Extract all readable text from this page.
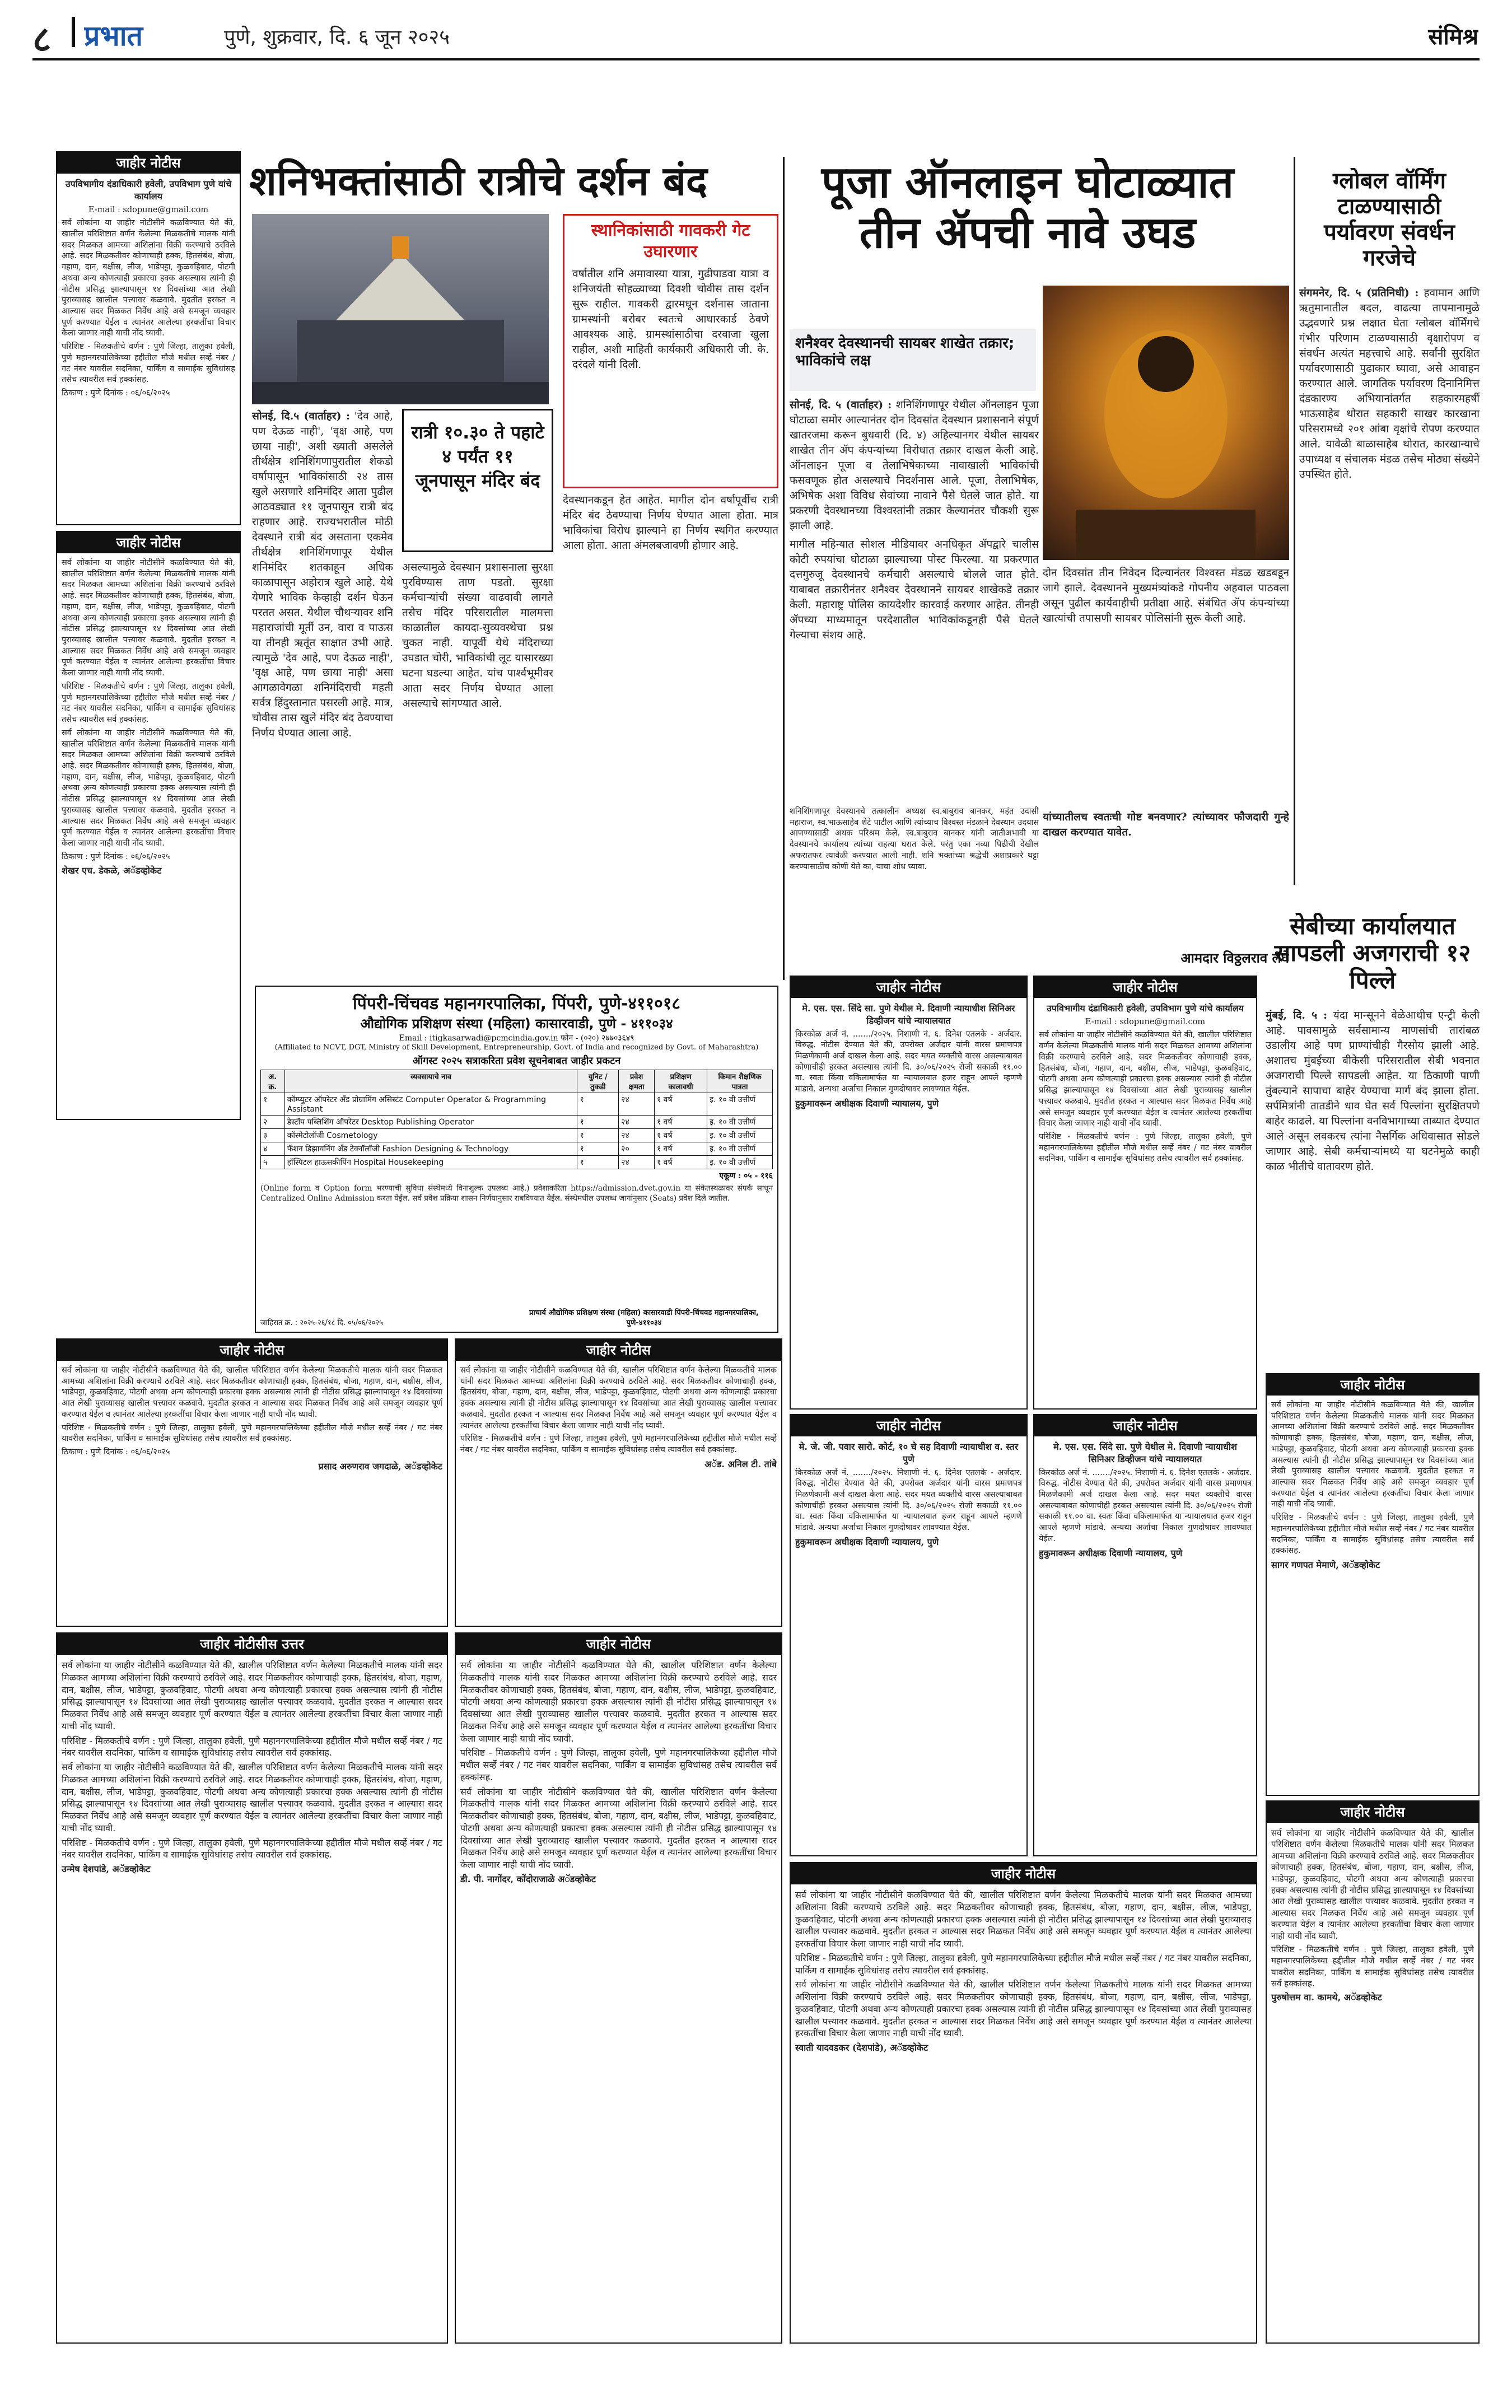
८	प्रभात	पुणे, शुक्रवार, दि. ६ जून २०२५	संमिश्र
जाहीर नोटीस

उपविभागीय दंडाधिकारी हवेली, उपविभाग पुणे यांचे कार्यालय

E-mail : sdopune@gmail.com

सर्व लोकांना या जाहीर नोटीसीने कळविण्यात येते की, खालील परिशिष्टात वर्णन केलेल्या मिळकतीचे मालक यांनी सदर मिळकत आमच्या अशिलांना विक्री करण्याचे ठरविले आहे. सदर मिळकतीवर कोणाचाही हक्क, हितसंबंध, बोजा, गहाण, दान, बक्षीस, लीज, भाडेपट्टा, कुळवहिवाट, पोटगी अथवा अन्य कोणत्याही प्रकारचा हक्क असल्यास त्यांनी ही नोटीस प्रसिद्ध झाल्यापासून १४ दिवसांच्या आत लेखी पुराव्यासह खालील पत्त्यावर कळवावे. मुदतीत हरकत न आल्यास सदर मिळकत निर्वेध आहे असे समजून व्यवहार पूर्ण करण्यात येईल व त्यानंतर आलेल्या हरकतींचा विचार केला जाणार नाही याची नोंद घ्यावी.

परिशिष्ट - मिळकतीचे वर्णन : पुणे जिल्हा, तालुका हवेली, पुणे महानगरपालिकेच्या हद्दीतील मौजे मधील सर्व्हे नंबर / गट नंबर यावरील सदनिका, पार्किंग व सामाईक सुविधांसह तसेच त्यावरील सर्व हक्कांसह.

ठिकाण : पुणे दिनांक : ०६/०६/२०२५

जाहीर नोटीस

सर्व लोकांना या जाहीर नोटीसीने कळविण्यात येते की, खालील परिशिष्टात वर्णन केलेल्या मिळकतीचे मालक यांनी सदर मिळकत आमच्या अशिलांना विक्री करण्याचे ठरविले आहे. सदर मिळकतीवर कोणाचाही हक्क, हितसंबंध, बोजा, गहाण, दान, बक्षीस, लीज, भाडेपट्टा, कुळवहिवाट, पोटगी अथवा अन्य कोणत्याही प्रकारचा हक्क असल्यास त्यांनी ही नोटीस प्रसिद्ध झाल्यापासून १४ दिवसांच्या आत लेखी पुराव्यासह खालील पत्त्यावर कळवावे. मुदतीत हरकत न आल्यास सदर मिळकत निर्वेध आहे असे समजून व्यवहार पूर्ण करण्यात येईल व त्यानंतर आलेल्या हरकतींचा विचार केला जाणार नाही याची नोंद घ्यावी.

परिशिष्ट - मिळकतीचे वर्णन : पुणे जिल्हा, तालुका हवेली, पुणे महानगरपालिकेच्या हद्दीतील मौजे मधील सर्व्हे नंबर / गट नंबर यावरील सदनिका, पार्किंग व सामाईक सुविधांसह तसेच त्यावरील सर्व हक्कांसह.

सर्व लोकांना या जाहीर नोटीसीने कळविण्यात येते की, खालील परिशिष्टात वर्णन केलेल्या मिळकतीचे मालक यांनी सदर मिळकत आमच्या अशिलांना विक्री करण्याचे ठरविले आहे. सदर मिळकतीवर कोणाचाही हक्क, हितसंबंध, बोजा, गहाण, दान, बक्षीस, लीज, भाडेपट्टा, कुळवहिवाट, पोटगी अथवा अन्य कोणत्याही प्रकारचा हक्क असल्यास त्यांनी ही नोटीस प्रसिद्ध झाल्यापासून १४ दिवसांच्या आत लेखी पुराव्यासह खालील पत्त्यावर कळवावे. मुदतीत हरकत न आल्यास सदर मिळकत निर्वेध आहे असे समजून व्यवहार पूर्ण करण्यात येईल व त्यानंतर आलेल्या हरकतींचा विचार केला जाणार नाही याची नोंद घ्यावी.

ठिकाण : पुणे दिनांक : ०६/०६/२०२५

शेखर एच. डेकळे, अॅडव्होकेट

शनिभक्तांसाठी रात्रीचे दर्शन बंद
स्थानिकांसाठी गावकरी गेट उघारणार
वर्षातील शनि अमावास्या यात्रा, गुढीपाडवा यात्रा व शनिजयंती सोहळ्याच्या दिवशी चोवीस तास दर्शन सुरू राहील. गावकरी द्वारमधून दर्शनास जाताना ग्रामस्थांनी बरोबर स्वतःचे आधारकार्ड ठेवणे आवश्यक आहे. ग्रामस्थांसाठीचा दरवाजा खुला राहील, अशी माहिती कार्यकारी अधिकारी जी. के. दरंदले यांनी दिली.

सोनई, दि.५ (वार्ताहर) : 'देव आहे, पण देऊळ नाही', 'वृक्ष आहे, पण छाया नाही', अशी ख्याती असलेले तीर्थक्षेत्र शनिशिंगणापुरातील शेकडो वर्षापासून भाविकांसाठी २४ तास खुले असणारे शनिमंदिर आता पुढील आठवड्यात ११ जूनपासून रात्री बंद राहणार आहे. राज्यभरातील मोठी देवस्थाने रात्री बंद असताना एकमेव तीर्थक्षेत्र शनिशिंगणापूर येथील शनिमंदिर शतकाहून अधिक काळापासून अहोरात्र खुले आहे. येथे येणारे भाविक केव्हाही दर्शन घेऊन परतत असत. येथील चौथऱ्यावर शनि महाराजांची मूर्ती उन, वारा व पाऊस या तीनही ऋतूंत साक्षात उभी आहे. त्यामुळे 'देव आहे, पण देऊळ नाही', 'वृक्ष आहे, पण छाया नाही' असा आगळावेगळा शनिमंदिराची महती सर्वत्र हिंदुस्तानात पसरली आहे. मात्र, चोवीस तास खुले मंदिर बंद ठेवण्याचा निर्णय घेण्यात आला आहे.

रात्री १०.३० ते पहाटे ४ पर्यंत ११ जूनपासून मंदिर बंद
असल्यामुळे देवस्थान प्रशासनाला सुरक्षा पुरविण्यास ताण पडतो. सुरक्षा कर्मचाऱ्यांची संख्या वाढवावी लागते तसेच मंदिर परिसरातील मालमत्ता काळातील कायदा-सुव्यवस्थेचा प्रश्न चुकत नाही. यापूर्वी येथे मंदिराच्या उघडात चोरी, भाविकांची लूट यासारख्या घटना घडल्या आहेत. यांच पार्श्वभूमीवर आता सदर निर्णय घेण्यात आला असल्याचे सांगण्यात आले.
देवस्थानकडून हेत आहेत. मागील दोन वर्षापूर्वीच रात्री मंदिर बंद ठेवण्याचा निर्णय घेण्यात आला होता. मात्र भाविकांचा विरोध झाल्याने हा निर्णय स्थगित करण्यात आला होता. आता अंमलबजावणी होणार आहे.
पूजा ऑनलाइन घोटाळ्यात तीन ॲपची नावे उघड
शनैश्वर देवस्थानची सायबर शाखेत तक्रार; भाविकांचे लक्ष

सोनई, दि. ५ (वार्ताहर) : शनिशिंगणापूर येथील ऑनलाइन पूजा घोटाळा समोर आल्यानंतर दोन दिवसांत देवस्थान प्रशासनाने संपूर्ण खातरजमा करून बुधवारी (दि. ४) अहिल्यानगर येथील सायबर शाखेत तीन ॲप कंपन्यांच्या विरोधात तक्रार दाखल केली आहे. ऑनलाइन पूजा व तेलाभिषेकाच्या नावाखाली भाविकांची फसवणूक होत असल्याचे निदर्शनास आले. पूजा, तेलाभिषेक, अभिषेक अशा विविध सेवांच्या नावाने पैसे घेतले जात होते. या प्रकरणी देवस्थानच्या विश्वस्तांनी तक्रार केल्यानंतर चौकशी सुरू झाली आहे.

मागील महिन्यात सोशल मीडियावर अनधिकृत ॲपद्वारे चालीस कोटी रुपयांचा घोटाळा झाल्याच्या पोस्ट फिरल्या. या प्रकरणात दत्तगुरुजू देवस्थानचे कर्मचारी असल्याचे बोलले जात होते. याबाबत तक्रारीनंतर शनैश्वर देवस्थानने सायबर शाखेकडे तक्रार केली. महाराष्ट्र पोलिस कायदेशीर कारवाई करणार आहेत. तीनही ॲपच्या माध्यमातून परदेशातील भाविकांकडूनही पैसे घेतले गेल्याचा संशय आहे.

दोन दिवसांत तीन निवेदन दिल्यानंतर विश्वस्त मंडळ खडबडून जागे झाले. देवस्थानने मुख्यमंत्र्यांकडे गोपनीय अहवाल पाठवला असून पुढील कार्यवाहीची प्रतीक्षा आहे. संबंधित ॲप कंपन्यांच्या खात्यांची तपासणी सायबर पोलिसांनी सुरू केली आहे.
यांच्यातीलच स्वतःची गोष्ट बनवणार? त्यांच्यावर फौजदारी गुन्हे दाखल करण्यात यावेत.
आमदार विठ्ठलराव लंघे
शनिशिंगणापूर देवस्थानचे तत्कालीन अध्यक्ष स्व.बाबुराव बानकर, महंत उदासी महाराज, स्व.भाऊसाहेब शेटे पाटील आणि त्यांच्याच विश्वस्त मंडळाने देवस्थान उदयास आणण्यासाठी अथक परिश्रम केले. स्व.बाबुराव बानकर यांनी जातीअभावी या देवस्थानचे कार्यालय त्यांच्या राहत्या घरात केले. परंतु एका नव्या पिढीची देखील अफरातफर त्यावेळी करण्यात आली नाही. शनि भक्तांच्या श्रद्धेची अशाप्रकारे थट्टा करण्यासाठीच कोणी येते का, याचा शोध घ्यावा.
ग्लोबल वॉर्मिंग टाळण्यासाठी पर्यावरण संवर्धन गरजेचे

संगमनेर, दि. ५ (प्रतिनिधी) : हवामान आणि ऋतुमानातील बदल, वाढत्या तापमानामुळे उद्भवणारे प्रश्न लक्षात घेता ग्लोबल वॉर्मिंगचे गंभीर परिणाम टाळण्यासाठी वृक्षारोपण व संवर्धन अत्यंत महत्त्वाचे आहे. सर्वांनी सुरक्षित पर्यावरणासाठी पुढाकार घ्यावा, असे आवाहन करण्यात आले. जागतिक पर्यावरण दिनानिमित्त दंडकारण्य अभियानांतर्गत सहकारमहर्षी भाऊसाहेब थोरात सहकारी साखर कारखाना परिसरामध्ये २०१ आंबा वृक्षांचे रोपण करण्यात आले. यावेळी बाळासाहेब थोरात, कारखान्याचे उपाध्यक्ष व संचालक मंडळ तसेच मोठ्या संख्येने उपस्थित होते.

पिंपरी-चिंचवड महानगरपालिका, पिंपरी, पुणे-४११०१८
औद्योगिक प्रशिक्षण संस्था (महिला) कासारवाडी, पुणे - ४११०३४
Email : itigkasarwadi@pcmcindia.gov.in फोन - (०२०) २७७०३६४९
(Affiliated to NCVT, DGT, Ministry of Skill Development, Entrepreneurship, Govt. of India and recognized by Govt. of Maharashtra)
ऑगस्ट २०२५ सत्राकरिता प्रवेश सूचनेबाबत जाहीर प्रकटन
अ. क्र.	व्यवसायाचे नाव	युनिट / तुकडी	प्रवेश क्षमता	प्रशिक्षण कालावधी	किमान शैक्षणिक पात्रता
१	कॉम्प्युटर ऑपरेटर अँड प्रोग्रामिंग असिस्टंट Computer Operator & Programming Assistant	१	२४	१ वर्ष	इ. १० वी उत्तीर्ण
२	डेस्टॉप पब्लिशिंग ऑपरेटर Desktop Publishing Operator	१	२४	१ वर्ष	इ. १० वी उत्तीर्ण
३	कॉस्मेटोलॉजी Cosmetology	१	२४	१ वर्ष	इ. १० वी उत्तीर्ण
४	फॅशन डिझायनिंग अँड टेक्नॉलॉजी Fashion Designing & Technology	१	२०	१ वर्ष	इ. १० वी उत्तीर्ण
५	हॉस्पिटल हाऊसकीपिंग Hospital Housekeeping	१	२४	१ वर्ष	इ. १० वी उत्तीर्ण
एकूण : ०५ - ११६
(Online form व Option form भरण्याची सुविधा संस्थेमध्ये विनाशुल्क उपलब्ध आहे.) प्रवेशाकरिता https://admission.dvet.gov.in या संकेतस्थळावर संपर्क साधून Centralized Online Admission करता येईल. सर्व प्रवेश प्रक्रिया शासन निर्णयानुसार राबविण्यात येईल. संस्थेमधील उपलब्ध जागांनुसार (Seats) प्रवेश दिले जातील.
जाहिरात क्र. : २०२५-२६/१८ दि. ०५/०६/२०२५
प्राचार्य औद्योगिक प्रशिक्षण संस्था (महिला) कासारवाडी पिंपरी-चिंचवड महानगरपालिका, पुणे-४११०३४
जाहीर नोटीस

मे. एस. एस. सिंदे सा. पुणे येथील मे. दिवाणी न्यायाधीश सिनिअर डिव्हीजन यांचे न्यायालयात

किरकोळ अर्ज नं. ......./२०२५. निशाणी नं. ६. दिनेश एतलके - अर्जदार. विरुद्ध. नोटीस देण्यात येते की, उपरोक्त अर्जदार यांनी वारस प्रमाणपत्र मिळणेकामी अर्ज दाखल केला आहे. सदर मयत व्यक्तीचे वारस असल्याबाबत कोणाचीही हरकत असल्यास त्यांनी दि. ३०/०६/२०२५ रोजी सकाळी ११.०० वा. स्वतः किंवा वकिलामार्फत या न्यायालयात हजर राहून आपले म्हणणे मांडावे. अन्यथा अर्जाचा निकाल गुणदोषावर लावण्यात येईल.

हुकुमावरून अधीक्षक दिवाणी न्यायालय, पुणे

जाहीर नोटीस

उपविभागीय दंडाधिकारी हवेली, उपविभाग पुणे यांचे कार्यालय

E-mail : sdopune@gmail.com

सर्व लोकांना या जाहीर नोटीसीने कळविण्यात येते की, खालील परिशिष्टात वर्णन केलेल्या मिळकतीचे मालक यांनी सदर मिळकत आमच्या अशिलांना विक्री करण्याचे ठरविले आहे. सदर मिळकतीवर कोणाचाही हक्क, हितसंबंध, बोजा, गहाण, दान, बक्षीस, लीज, भाडेपट्टा, कुळवहिवाट, पोटगी अथवा अन्य कोणत्याही प्रकारचा हक्क असल्यास त्यांनी ही नोटीस प्रसिद्ध झाल्यापासून १४ दिवसांच्या आत लेखी पुराव्यासह खालील पत्त्यावर कळवावे. मुदतीत हरकत न आल्यास सदर मिळकत निर्वेध आहे असे समजून व्यवहार पूर्ण करण्यात येईल व त्यानंतर आलेल्या हरकतींचा विचार केला जाणार नाही याची नोंद घ्यावी.

परिशिष्ट - मिळकतीचे वर्णन : पुणे जिल्हा, तालुका हवेली, पुणे महानगरपालिकेच्या हद्दीतील मौजे मधील सर्व्हे नंबर / गट नंबर यावरील सदनिका, पार्किंग व सामाईक सुविधांसह तसेच त्यावरील सर्व हक्कांसह.

सेबीच्या कार्यालयात सापडली अजगराची १२ पिल्ले

मुंबई, दि. ५ : यंदा मान्सूनने वेळेआधीच एन्ट्री केली आहे. पावसामुळे सर्वसामान्य माणसांची तारांबळ उडालीय आहे पण प्राण्यांचीही गैरसोय झाली आहे. अशातच मुंबईच्या बीकेसी परिसरातील सेबी भवनात अजगराची पिल्ले सापडली आहेत. या ठिकाणी पाणी तुंबल्याने सापाचा बाहेर येण्याचा मार्ग बंद झाला होता. सर्पमित्रांनी तातडीने धाव घेत सर्व पिल्लांना सुरक्षितपणे बाहेर काढले. या पिल्लांना वनविभागाच्या ताब्यात देण्यात आले असून लवकरच त्यांना नैसर्गिक अधिवासात सोडले जाणार आहे. सेबी कर्मचाऱ्यांमध्ये या घटनेमुळे काही काळ भीतीचे वातावरण होते.

जाहीर नोटीस

सर्व लोकांना या जाहीर नोटीसीने कळविण्यात येते की, खालील परिशिष्टात वर्णन केलेल्या मिळकतीचे मालक यांनी सदर मिळकत आमच्या अशिलांना विक्री करण्याचे ठरविले आहे. सदर मिळकतीवर कोणाचाही हक्क, हितसंबंध, बोजा, गहाण, दान, बक्षीस, लीज, भाडेपट्टा, कुळवहिवाट, पोटगी अथवा अन्य कोणत्याही प्रकारचा हक्क असल्यास त्यांनी ही नोटीस प्रसिद्ध झाल्यापासून १४ दिवसांच्या आत लेखी पुराव्यासह खालील पत्त्यावर कळवावे. मुदतीत हरकत न आल्यास सदर मिळकत निर्वेध आहे असे समजून व्यवहार पूर्ण करण्यात येईल व त्यानंतर आलेल्या हरकतींचा विचार केला जाणार नाही याची नोंद घ्यावी.

परिशिष्ट - मिळकतीचे वर्णन : पुणे जिल्हा, तालुका हवेली, पुणे महानगरपालिकेच्या हद्दीतील मौजे मधील सर्व्हे नंबर / गट नंबर यावरील सदनिका, पार्किंग व सामाईक सुविधांसह तसेच त्यावरील सर्व हक्कांसह.

ठिकाण : पुणे दिनांक : ०६/०६/२०२५

प्रसाद अरुणराव जगदाळे, अॅडव्होकेट

जाहीर नोटीस

सर्व लोकांना या जाहीर नोटीसीने कळविण्यात येते की, खालील परिशिष्टात वर्णन केलेल्या मिळकतीचे मालक यांनी सदर मिळकत आमच्या अशिलांना विक्री करण्याचे ठरविले आहे. सदर मिळकतीवर कोणाचाही हक्क, हितसंबंध, बोजा, गहाण, दान, बक्षीस, लीज, भाडेपट्टा, कुळवहिवाट, पोटगी अथवा अन्य कोणत्याही प्रकारचा हक्क असल्यास त्यांनी ही नोटीस प्रसिद्ध झाल्यापासून १४ दिवसांच्या आत लेखी पुराव्यासह खालील पत्त्यावर कळवावे. मुदतीत हरकत न आल्यास सदर मिळकत निर्वेध आहे असे समजून व्यवहार पूर्ण करण्यात येईल व त्यानंतर आलेल्या हरकतींचा विचार केला जाणार नाही याची नोंद घ्यावी.

परिशिष्ट - मिळकतीचे वर्णन : पुणे जिल्हा, तालुका हवेली, पुणे महानगरपालिकेच्या हद्दीतील मौजे मधील सर्व्हे नंबर / गट नंबर यावरील सदनिका, पार्किंग व सामाईक सुविधांसह तसेच त्यावरील सर्व हक्कांसह.

अॅड. अनिल टी. तांबे

जाहीर नोटीस

मे. जे. जी. पवार सारो. कोर्ट, १० चे सह दिवाणी न्यायाधीश व. स्तर पुणे

किरकोळ अर्ज नं. ......./२०२५. निशाणी नं. ६. दिनेश एतलके - अर्जदार. विरुद्ध. नोटीस देण्यात येते की, उपरोक्त अर्जदार यांनी वारस प्रमाणपत्र मिळणेकामी अर्ज दाखल केला आहे. सदर मयत व्यक्तीचे वारस असल्याबाबत कोणाचीही हरकत असल्यास त्यांनी दि. ३०/०६/२०२५ रोजी सकाळी ११.०० वा. स्वतः किंवा वकिलामार्फत या न्यायालयात हजर राहून आपले म्हणणे मांडावे. अन्यथा अर्जाचा निकाल गुणदोषावर लावण्यात येईल.

हुकुमावरून अधीक्षक दिवाणी न्यायालय, पुणे

जाहीर नोटीस

मे. एस. एस. सिंदे सा. पुणे येथील मे. दिवाणी न्यायाधीश सिनिअर डिव्हीजन यांचे न्यायालयात

किरकोळ अर्ज नं. ......./२०२५. निशाणी नं. ६. दिनेश एतलके - अर्जदार. विरुद्ध. नोटीस देण्यात येते की, उपरोक्त अर्जदार यांनी वारस प्रमाणपत्र मिळणेकामी अर्ज दाखल केला आहे. सदर मयत व्यक्तीचे वारस असल्याबाबत कोणाचीही हरकत असल्यास त्यांनी दि. ३०/०६/२०२५ रोजी सकाळी ११.०० वा. स्वतः किंवा वकिलामार्फत या न्यायालयात हजर राहून आपले म्हणणे मांडावे. अन्यथा अर्जाचा निकाल गुणदोषावर लावण्यात येईल.

हुकुमावरून अधीक्षक दिवाणी न्यायालय, पुणे

जाहीर नोटीस

सर्व लोकांना या जाहीर नोटीसीने कळविण्यात येते की, खालील परिशिष्टात वर्णन केलेल्या मिळकतीचे मालक यांनी सदर मिळकत आमच्या अशिलांना विक्री करण्याचे ठरविले आहे. सदर मिळकतीवर कोणाचाही हक्क, हितसंबंध, बोजा, गहाण, दान, बक्षीस, लीज, भाडेपट्टा, कुळवहिवाट, पोटगी अथवा अन्य कोणत्याही प्रकारचा हक्क असल्यास त्यांनी ही नोटीस प्रसिद्ध झाल्यापासून १४ दिवसांच्या आत लेखी पुराव्यासह खालील पत्त्यावर कळवावे. मुदतीत हरकत न आल्यास सदर मिळकत निर्वेध आहे असे समजून व्यवहार पूर्ण करण्यात येईल व त्यानंतर आलेल्या हरकतींचा विचार केला जाणार नाही याची नोंद घ्यावी.

परिशिष्ट - मिळकतीचे वर्णन : पुणे जिल्हा, तालुका हवेली, पुणे महानगरपालिकेच्या हद्दीतील मौजे मधील सर्व्हे नंबर / गट नंबर यावरील सदनिका, पार्किंग व सामाईक सुविधांसह तसेच त्यावरील सर्व हक्कांसह.

सागर गणपत मेमाणे, अॅडव्होकेट

जाहीर नोटीसीस उत्तर

सर्व लोकांना या जाहीर नोटीसीने कळविण्यात येते की, खालील परिशिष्टात वर्णन केलेल्या मिळकतीचे मालक यांनी सदर मिळकत आमच्या अशिलांना विक्री करण्याचे ठरविले आहे. सदर मिळकतीवर कोणाचाही हक्क, हितसंबंध, बोजा, गहाण, दान, बक्षीस, लीज, भाडेपट्टा, कुळवहिवाट, पोटगी अथवा अन्य कोणत्याही प्रकारचा हक्क असल्यास त्यांनी ही नोटीस प्रसिद्ध झाल्यापासून १४ दिवसांच्या आत लेखी पुराव्यासह खालील पत्त्यावर कळवावे. मुदतीत हरकत न आल्यास सदर मिळकत निर्वेध आहे असे समजून व्यवहार पूर्ण करण्यात येईल व त्यानंतर आलेल्या हरकतींचा विचार केला जाणार नाही याची नोंद घ्यावी.

परिशिष्ट - मिळकतीचे वर्णन : पुणे जिल्हा, तालुका हवेली, पुणे महानगरपालिकेच्या हद्दीतील मौजे मधील सर्व्हे नंबर / गट नंबर यावरील सदनिका, पार्किंग व सामाईक सुविधांसह तसेच त्यावरील सर्व हक्कांसह.

सर्व लोकांना या जाहीर नोटीसीने कळविण्यात येते की, खालील परिशिष्टात वर्णन केलेल्या मिळकतीचे मालक यांनी सदर मिळकत आमच्या अशिलांना विक्री करण्याचे ठरविले आहे. सदर मिळकतीवर कोणाचाही हक्क, हितसंबंध, बोजा, गहाण, दान, बक्षीस, लीज, भाडेपट्टा, कुळवहिवाट, पोटगी अथवा अन्य कोणत्याही प्रकारचा हक्क असल्यास त्यांनी ही नोटीस प्रसिद्ध झाल्यापासून १४ दिवसांच्या आत लेखी पुराव्यासह खालील पत्त्यावर कळवावे. मुदतीत हरकत न आल्यास सदर मिळकत निर्वेध आहे असे समजून व्यवहार पूर्ण करण्यात येईल व त्यानंतर आलेल्या हरकतींचा विचार केला जाणार नाही याची नोंद घ्यावी.

परिशिष्ट - मिळकतीचे वर्णन : पुणे जिल्हा, तालुका हवेली, पुणे महानगरपालिकेच्या हद्दीतील मौजे मधील सर्व्हे नंबर / गट नंबर यावरील सदनिका, पार्किंग व सामाईक सुविधांसह तसेच त्यावरील सर्व हक्कांसह.

उन्मेष देशपांडे, अॅडव्होकेट

जाहीर नोटीस

सर्व लोकांना या जाहीर नोटीसीने कळविण्यात येते की, खालील परिशिष्टात वर्णन केलेल्या मिळकतीचे मालक यांनी सदर मिळकत आमच्या अशिलांना विक्री करण्याचे ठरविले आहे. सदर मिळकतीवर कोणाचाही हक्क, हितसंबंध, बोजा, गहाण, दान, बक्षीस, लीज, भाडेपट्टा, कुळवहिवाट, पोटगी अथवा अन्य कोणत्याही प्रकारचा हक्क असल्यास त्यांनी ही नोटीस प्रसिद्ध झाल्यापासून १४ दिवसांच्या आत लेखी पुराव्यासह खालील पत्त्यावर कळवावे. मुदतीत हरकत न आल्यास सदर मिळकत निर्वेध आहे असे समजून व्यवहार पूर्ण करण्यात येईल व त्यानंतर आलेल्या हरकतींचा विचार केला जाणार नाही याची नोंद घ्यावी.

परिशिष्ट - मिळकतीचे वर्णन : पुणे जिल्हा, तालुका हवेली, पुणे महानगरपालिकेच्या हद्दीतील मौजे मधील सर्व्हे नंबर / गट नंबर यावरील सदनिका, पार्किंग व सामाईक सुविधांसह तसेच त्यावरील सर्व हक्कांसह.

सर्व लोकांना या जाहीर नोटीसीने कळविण्यात येते की, खालील परिशिष्टात वर्णन केलेल्या मिळकतीचे मालक यांनी सदर मिळकत आमच्या अशिलांना विक्री करण्याचे ठरविले आहे. सदर मिळकतीवर कोणाचाही हक्क, हितसंबंध, बोजा, गहाण, दान, बक्षीस, लीज, भाडेपट्टा, कुळवहिवाट, पोटगी अथवा अन्य कोणत्याही प्रकारचा हक्क असल्यास त्यांनी ही नोटीस प्रसिद्ध झाल्यापासून १४ दिवसांच्या आत लेखी पुराव्यासह खालील पत्त्यावर कळवावे. मुदतीत हरकत न आल्यास सदर मिळकत निर्वेध आहे असे समजून व्यवहार पूर्ण करण्यात येईल व त्यानंतर आलेल्या हरकतींचा विचार केला जाणार नाही याची नोंद घ्यावी.

डी. पी. नागोंदर, कोंदोराजाळे अॅडव्होकेट	जाहीर नोटीस

सर्व लोकांना या जाहीर नोटीसीने कळविण्यात येते की, खालील परिशिष्टात वर्णन केलेल्या मिळकतीचे मालक यांनी सदर मिळकत आमच्या अशिलांना विक्री करण्याचे ठरविले आहे. सदर मिळकतीवर कोणाचाही हक्क, हितसंबंध, बोजा, गहाण, दान, बक्षीस, लीज, भाडेपट्टा, कुळवहिवाट, पोटगी अथवा अन्य कोणत्याही प्रकारचा हक्क असल्यास त्यांनी ही नोटीस प्रसिद्ध झाल्यापासून १४ दिवसांच्या आत लेखी पुराव्यासह खालील पत्त्यावर कळवावे. मुदतीत हरकत न आल्यास सदर मिळकत निर्वेध आहे असे समजून व्यवहार पूर्ण करण्यात येईल व त्यानंतर आलेल्या हरकतींचा विचार केला जाणार नाही याची नोंद घ्यावी.

परिशिष्ट - मिळकतीचे वर्णन : पुणे जिल्हा, तालुका हवेली, पुणे महानगरपालिकेच्या हद्दीतील मौजे मधील सर्व्हे नंबर / गट नंबर यावरील सदनिका, पार्किंग व सामाईक सुविधांसह तसेच त्यावरील सर्व हक्कांसह.

सर्व लोकांना या जाहीर नोटीसीने कळविण्यात येते की, खालील परिशिष्टात वर्णन केलेल्या मिळकतीचे मालक यांनी सदर मिळकत आमच्या अशिलांना विक्री करण्याचे ठरविले आहे. सदर मिळकतीवर कोणाचाही हक्क, हितसंबंध, बोजा, गहाण, दान, बक्षीस, लीज, भाडेपट्टा, कुळवहिवाट, पोटगी अथवा अन्य कोणत्याही प्रकारचा हक्क असल्यास त्यांनी ही नोटीस प्रसिद्ध झाल्यापासून १४ दिवसांच्या आत लेखी पुराव्यासह खालील पत्त्यावर कळवावे. मुदतीत हरकत न आल्यास सदर मिळकत निर्वेध आहे असे समजून व्यवहार पूर्ण करण्यात येईल व त्यानंतर आलेल्या हरकतींचा विचार केला जाणार नाही याची नोंद घ्यावी.

स्वाती यादवडकर (देशपांडे), अॅडव्होकेट

जाहीर नोटीस

सर्व लोकांना या जाहीर नोटीसीने कळविण्यात येते की, खालील परिशिष्टात वर्णन केलेल्या मिळकतीचे मालक यांनी सदर मिळकत आमच्या अशिलांना विक्री करण्याचे ठरविले आहे. सदर मिळकतीवर कोणाचाही हक्क, हितसंबंध, बोजा, गहाण, दान, बक्षीस, लीज, भाडेपट्टा, कुळवहिवाट, पोटगी अथवा अन्य कोणत्याही प्रकारचा हक्क असल्यास त्यांनी ही नोटीस प्रसिद्ध झाल्यापासून १४ दिवसांच्या आत लेखी पुराव्यासह खालील पत्त्यावर कळवावे. मुदतीत हरकत न आल्यास सदर मिळकत निर्वेध आहे असे समजून व्यवहार पूर्ण करण्यात येईल व त्यानंतर आलेल्या हरकतींचा विचार केला जाणार नाही याची नोंद घ्यावी.

परिशिष्ट - मिळकतीचे वर्णन : पुणे जिल्हा, तालुका हवेली, पुणे महानगरपालिकेच्या हद्दीतील मौजे मधील सर्व्हे नंबर / गट नंबर यावरील सदनिका, पार्किंग व सामाईक सुविधांसह तसेच त्यावरील सर्व हक्कांसह.

पुरुषोत्तम वा. कामथे, अॅडव्होकेट
